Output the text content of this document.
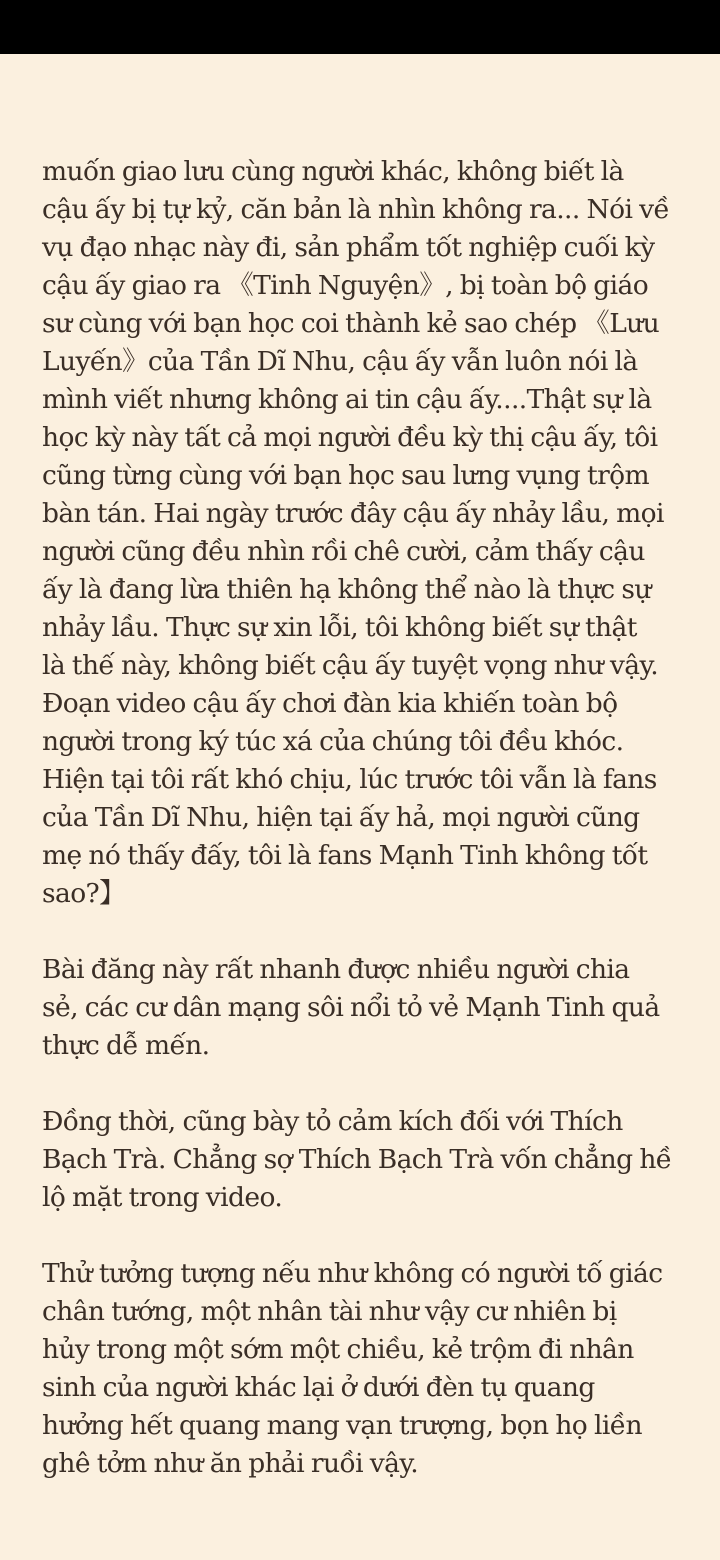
muốn giao lưu cùng người khác, không biết là
cậu ấy bị tự kỷ, căn bản là nhìn không ra... Nói về
vụ đạo nhạc này đi, sản phẩm tốt nghiệp cuối kỳ
cậu ấy giao ra 《Tinh Nguyện》, bị toàn bộ giáo
sư cùng với bạn học coi thành kẻ sao chép 《Lưu
Luyến》của Tần Dĩ Nhu, cậu ấy vẫn luôn nói là
mình viết nhưng không ai tin cậu ấy....Thật sự là
học kỳ này tất cả mọi người đều kỳ thị cậu ấy, tôi
cũng từng cùng với bạn học sau lưng vụng trộm
bàn tán. Hai ngày trước đây cậu ấy nhảy lầu, mọi
người cũng đều nhìn rồi chê cười, cảm thấy cậu
ấy là đang lừa thiên hạ không thể nào là thực sự
nhảy lầu. Thực sự xin lỗi, tôi không biết sự thật
là thế này, không biết cậu ấy tuyệt vọng như vậy.
Đoạn video cậu ấy chơi đàn kia khiến toàn bộ
người trong ký túc xá của chúng tôi đều khóc.
Hiện tại tôi rất khó chịu, lúc trước tôi vẫn là fans
của Tần Dĩ Nhu, hiện tại ấy hả, mọi người cũng
mẹ nó thấy đấy, tôi là fans Mạnh Tinh không tốt
sao?】
Bài đăng này rất nhanh được nhiều người chia
sẻ, các cư dân mạng sôi nổi tỏ vẻ Mạnh Tinh quả
thực dễ mến.
Đồng thời, cũng bày tỏ cảm kích đối với Thích
Bạch Trà. Chẳng sợ Thích Bạch Trà vốn chẳng hề
lộ mặt trong video.
Thử tưởng tượng nếu như không có người tố giác
chân tướng, một nhân tài như vậy cư nhiên bị
hủy trong một sớm một chiều, kẻ trộm đi nhân
sinh của người khác lại ở dưới đèn tụ quang
hưởng hết quang mang vạn trượng, bọn họ liền
ghê tởm như ăn phải ruồi vậy.
